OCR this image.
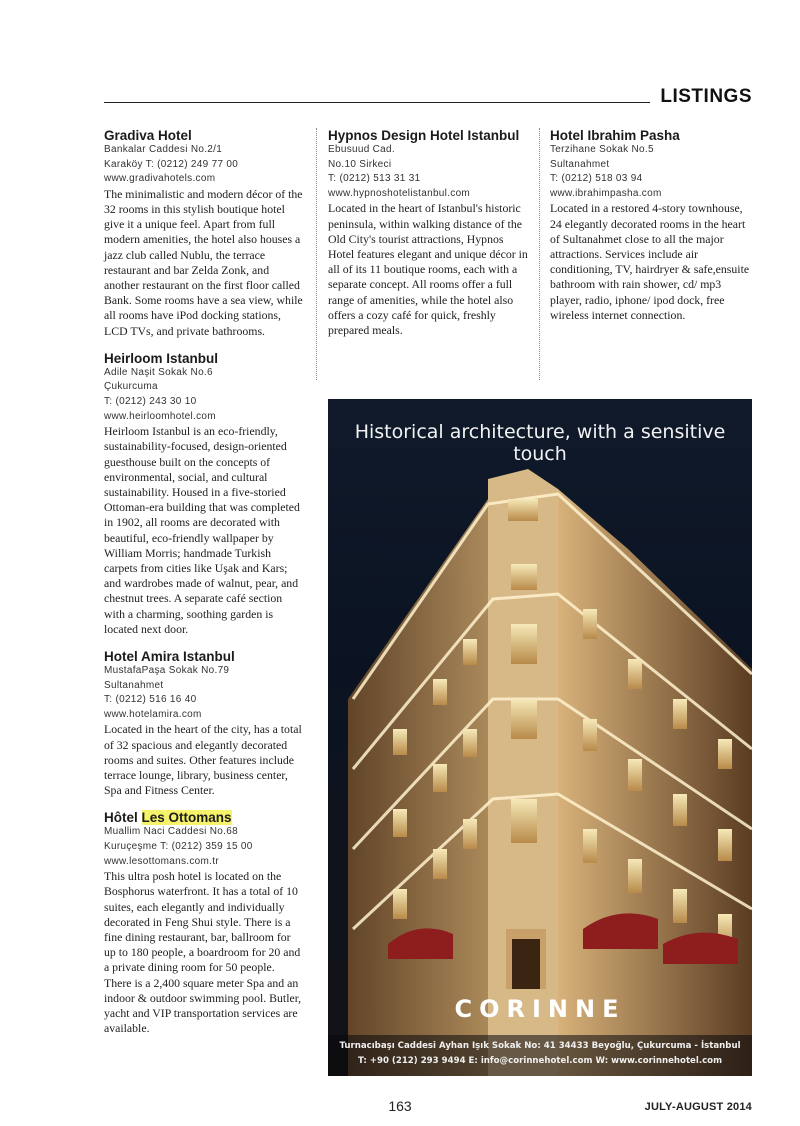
LISTINGS
Gradiva Hotel
Bankalar Caddesi No.2/1
Karaköy T: (0212) 249 77 00
www.gradivahotels.com
The minimalistic and modern décor of the 32 rooms in this stylish boutique hotel give it a unique feel. Apart from full modern amenities, the hotel also houses a jazz club called Nublu, the terrace restaurant and bar Zelda Zonk, and another restaurant on the first floor called Bank. Some rooms have a sea view, while all rooms have iPod docking stations, LCD TVs, and private bathrooms.
Heirloom Istanbul
Adile Naşit Sokak No.6
Çukurcuma
T: (0212) 243 30 10
www.heirloomhotel.com
Heirloom Istanbul is an eco-friendly, sustainability-focused, design-oriented guesthouse built on the concepts of environmental, social, and cultural sustainability. Housed in a five-storied Ottoman-era building that was completed in 1902, all rooms are decorated with beautiful, eco-friendly wallpaper by William Morris; handmade Turkish carpets from cities like Uşak and Kars; and wardrobes made of walnut, pear, and chestnut trees. A separate café section with a charming, soothing garden is located next door.
Hotel Amira Istanbul
MustafaPaşa Sokak No.79
Sultanahmet
T: (0212) 516 16 40
www.hotelamira.com
Located in the heart of the city, has a total of 32 spacious and elegantly decorated rooms and suites. Other features include terrace lounge, library, business center, Spa and Fitness Center.
Hôtel Les Ottomans
Muallim Naci Caddesi No.68
Kuruçeşme T: (0212) 359 15 00
www.lesottomans.com.tr
This ultra posh hotel is located on the Bosphorus waterfront. It has a total of 10 suites, each elegantly and individually decorated in Feng Shui style. There is a fine dining restaurant, bar, ballroom for up to 180 people, a boardroom for 20 and a private dining room for 50 people. There is a 2,400 square meter Spa and an indoor & outdoor swimming pool. Butler, yacht and VIP transportation services are available.
Hypnos Design Hotel Istanbul
Ebusuud Cad.
No.10 Sirkeci
T: (0212) 513 31 31
www.hypnoshotelistanbul.com
Located in the heart of Istanbul's historic peninsula, within walking distance of the Old City's tourist attractions, Hypnos Hotel features elegant and unique décor in all of its 11 boutique rooms, each with a separate concept. All rooms offer a full range of amenities, while the hotel also offers a cozy café for quick, freshly prepared meals.
Hotel Ibrahim Pasha
Terzihane Sokak No.5
Sultanahmet
T: (0212) 518 03 94
www.ibrahimpasha.com
Located in a restored 4-story townhouse, 24 elegantly decorated rooms in the heart of Sultanahmet close to all the major attractions. Services include air conditioning, TV, hairdryer & safe,ensuite bathroom with rain shower, cd/ mp3 player, radio, iphone/ ipod dock, free wireless internet connection.
Historical architecture, with a sensitive touch
CORINNE
Turnacıbaşı Caddesi Ayhan Işık Sokak No: 41 34433 Beyoğlu, Çukurcuma - İstanbul
T: +90 (212) 293 9494 E: info@corinnehotel.com W: www.corinnehotel.com
163	JULY-AUGUST 2014
